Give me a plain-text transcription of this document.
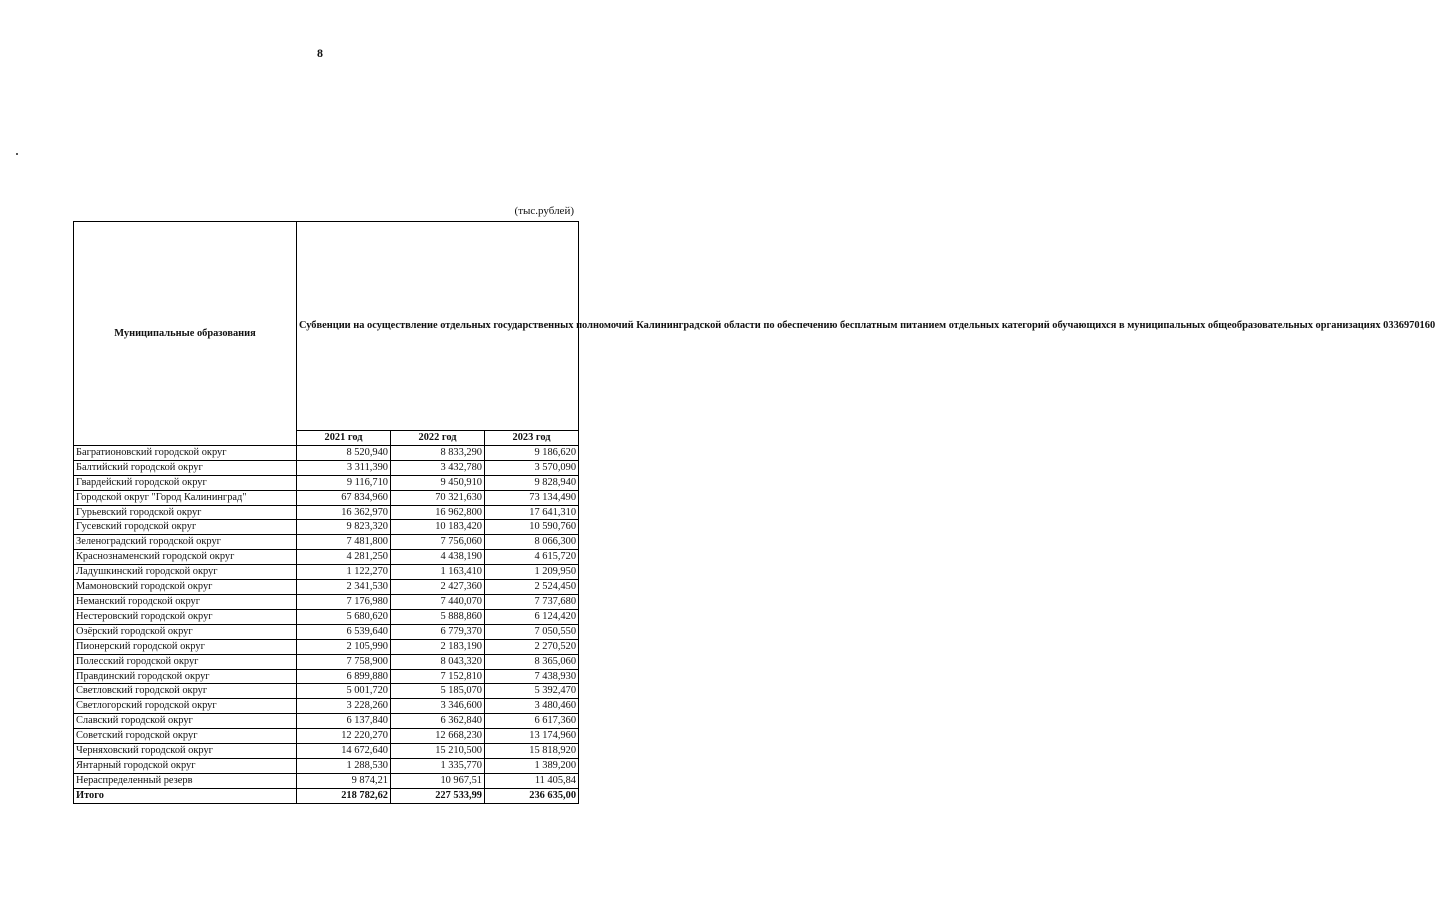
8
(тыс.рублей)
Муниципальные образования	Субвенции на осуществление отдельных государственных полномочий Калининградской области по обеспечению бесплатным питанием отдельных категорий обучающихся в муниципальных общеобразовательных организациях 0336970160		
	2021 год	2022 год	2023 год
Багратионовский городской округ	8 520,940	8 833,290	9 186,620
Балтийский городской округ	3 311,390	3 432,780	3 570,090
Гвардейский городской округ	9 116,710	9 450,910	9 828,940
Городской округ "Город Калининград"	67 834,960	70 321,630	73 134,490
Гурьевский городской округ	16 362,970	16 962,800	17 641,310
Гусевский городской округ	9 823,320	10 183,420	10 590,760
Зеленоградский городской округ	7 481,800	7 756,060	8 066,300
Краснознаменский городской округ	4 281,250	4 438,190	4 615,720
Ладушкинский городской округ	1 122,270	1 163,410	1 209,950
Мамоновский городской округ	2 341,530	2 427,360	2 524,450
Неманский городской округ	7 176,980	7 440,070	7 737,680
Нестеровский городской округ	5 680,620	5 888,860	6 124,420
Озёрский городской округ	6 539,640	6 779,370	7 050,550
Пионерский городской округ	2 105,990	2 183,190	2 270,520
Полесский городской округ	7 758,900	8 043,320	8 365,060
Правдинский городской округ	6 899,880	7 152,810	7 438,930
Светловский городской округ	5 001,720	5 185,070	5 392,470
Светлогорский городской округ	3 228,260	3 346,600	3 480,460
Славский городской округ	6 137,840	6 362,840	6 617,360
Советский городской округ	12 220,270	12 668,230	13 174,960
Черняховский городской округ	14 672,640	15 210,500	15 818,920
Янтарный городской округ	1 288,530	1 335,770	1 389,200
Нераспределенный резерв	9 874,21	10 967,51	11 405,84
Итого	218 782,62	227 533,99	236 635,00
